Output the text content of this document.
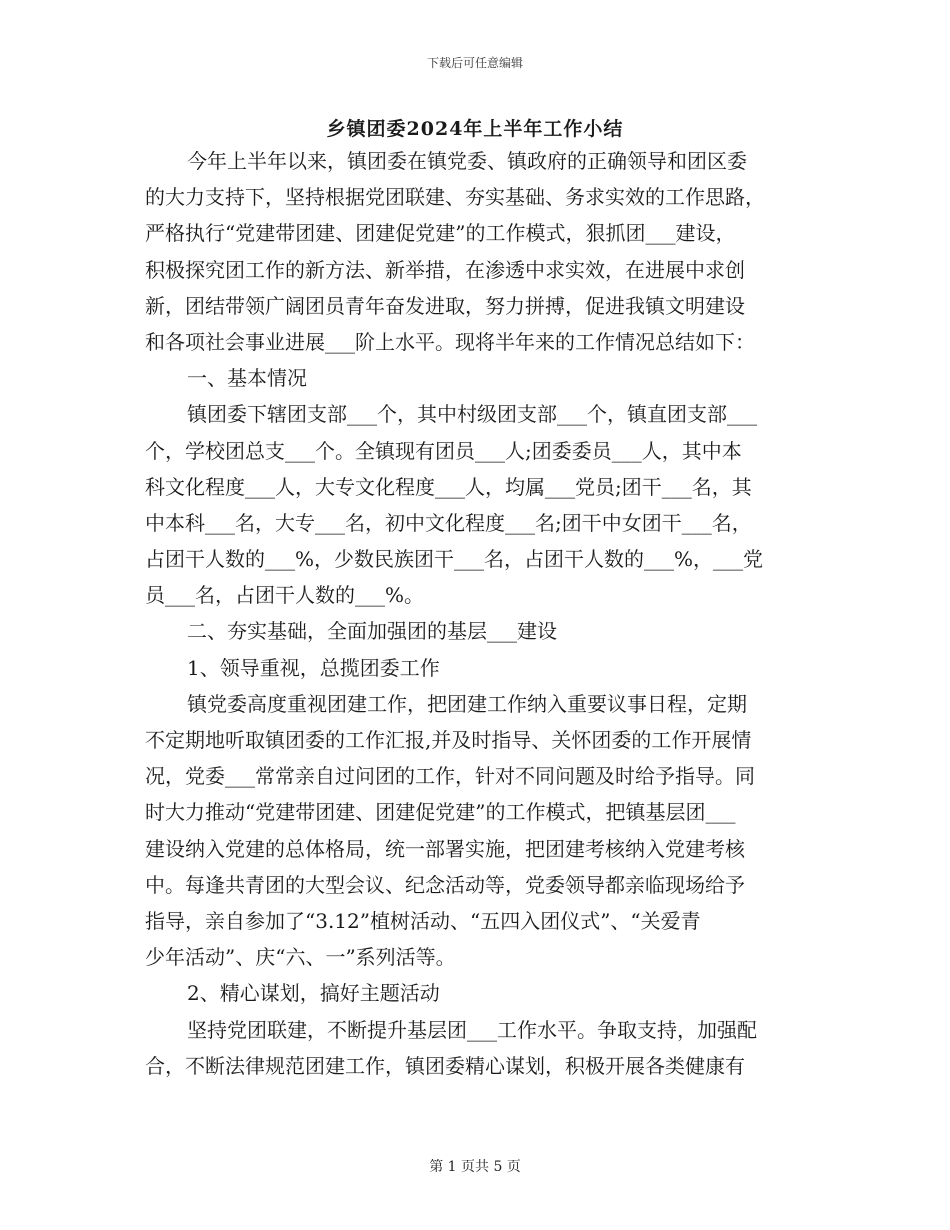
下载后可任意编辑
乡镇团委2024年上半年工作小结
今年上半年以来，镇团委在镇党委、镇政府的正确领导和团区委
的大力支持下，坚持根据党团联建、夯实基础、务求实效的工作思路，
严格执行“党建带团建、团建促党建”的工作模式，狠抓团___建设，
积极探究团工作的新方法、新举措，在渗透中求实效，在进展中求创
新，团结带领广阔团员青年奋发进取，努力拼搏，促进我镇文明建设
和各项社会事业进展___阶上水平。现将半年来的工作情况总结如下：
一、基本情况
镇团委下辖团支部___个，其中村级团支部___个，镇直团支部___
个，学校团总支___个。全镇现有团员___人;团委委员___人，其中本
科文化程度___人，大专文化程度___人，均属___党员;团干___名，其
中本科___名，大专___名，初中文化程度___名;团干中女团干___名，
占团干人数的___%，少数民族团干___名，占团干人数的___%，___党
员___名，占团干人数的___%。
二、夯实基础，全面加强团的基层___建设
1、领导重视，总揽团委工作
镇党委高度重视团建工作，把团建工作纳入重要议事日程，定期
不定期地听取镇团委的工作汇报,并及时指导、关怀团委的工作开展情
况，党委___常常亲自过问团的工作，针对不同问题及时给予指导。同
时大力推动“党建带团建、团建促党建”的工作模式，把镇基层团___
建设纳入党建的总体格局，统一部署实施，把团建考核纳入党建考核
中。每逢共青团的大型会议、纪念活动等，党委领导都亲临现场给予
指导，亲自参加了“3.12”植树活动、“五四入团仪式”、“关爱青
少年活动”、庆“六、一”系列活等。
2、精心谋划，搞好主题活动
坚持党团联建，不断提升基层团___工作水平。争取支持，加强配
合，不断法律规范团建工作，镇团委精心谋划，积极开展各类健康有
第 1 页共 5 页
